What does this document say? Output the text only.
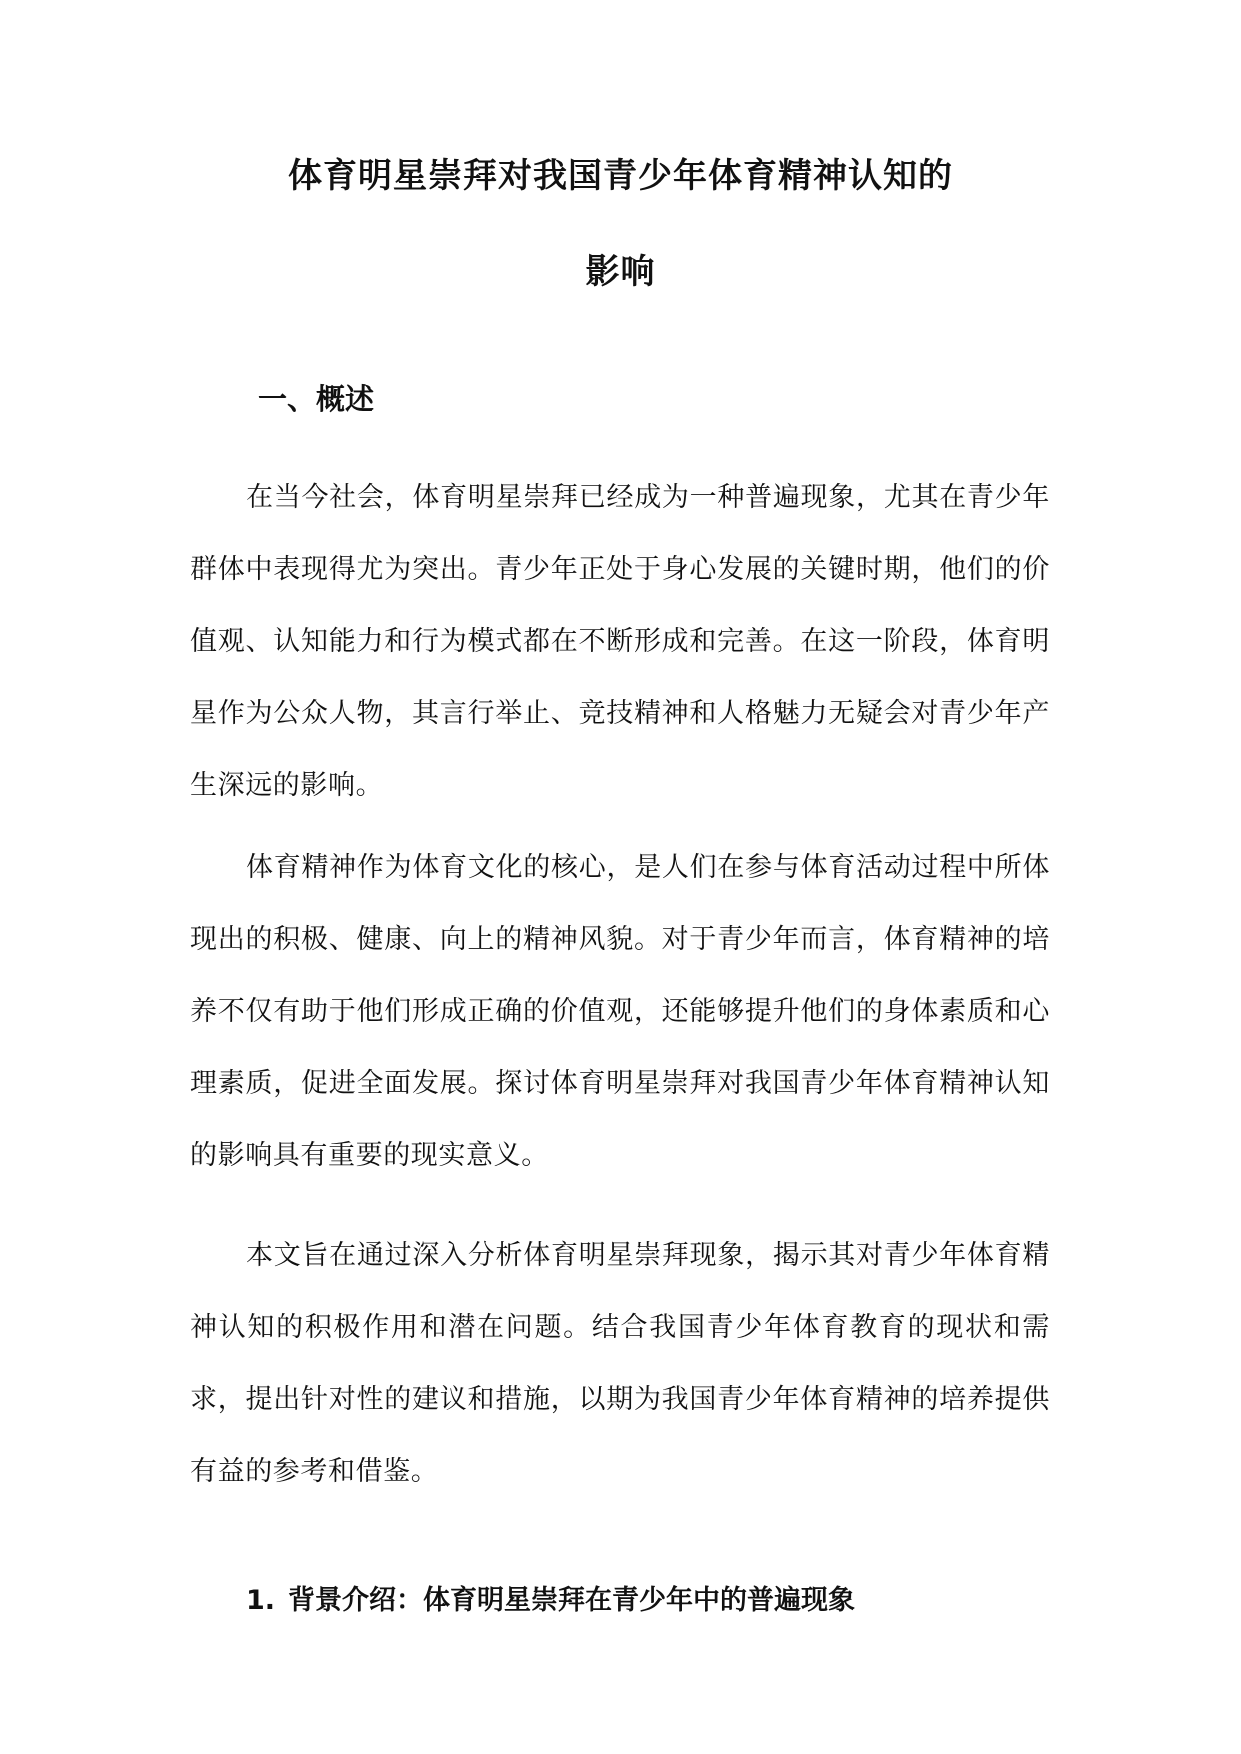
体育明星崇拜对我国青少年体育精神认知的
影响
一、概述

在当今社会，体育明星崇拜已经成为一种普遍现象，尤其在青少年群体中表现得尤为突出。青少年正处于身心发展的关键时期，他们的价值观、认知能力和行为模式都在不断形成和完善。在这一阶段，体育明星作为公众人物，其言行举止、竞技精神和人格魅力无疑会对青少年产生深远的影响。

体育精神作为体育文化的核心，是人们在参与体育活动过程中所体现出的积极、健康、向上的精神风貌。对于青少年而言，体育精神的培养不仅有助于他们形成正确的价值观，还能够提升他们的身体素质和心理素质，促进全面发展。探讨体育明星崇拜对我国青少年体育精神认知的影响具有重要的现实意义。

本文旨在通过深入分析体育明星崇拜现象，揭示其对青少年体育精神认知的积极作用和潜在问题。结合我国青少年体育教育的现状和需求，提出针对性的建议和措施，以期为我国青少年体育精神的培养提供有益的参考和借鉴。

1. 背景介绍：体育明星崇拜在青少年中的普遍现象
